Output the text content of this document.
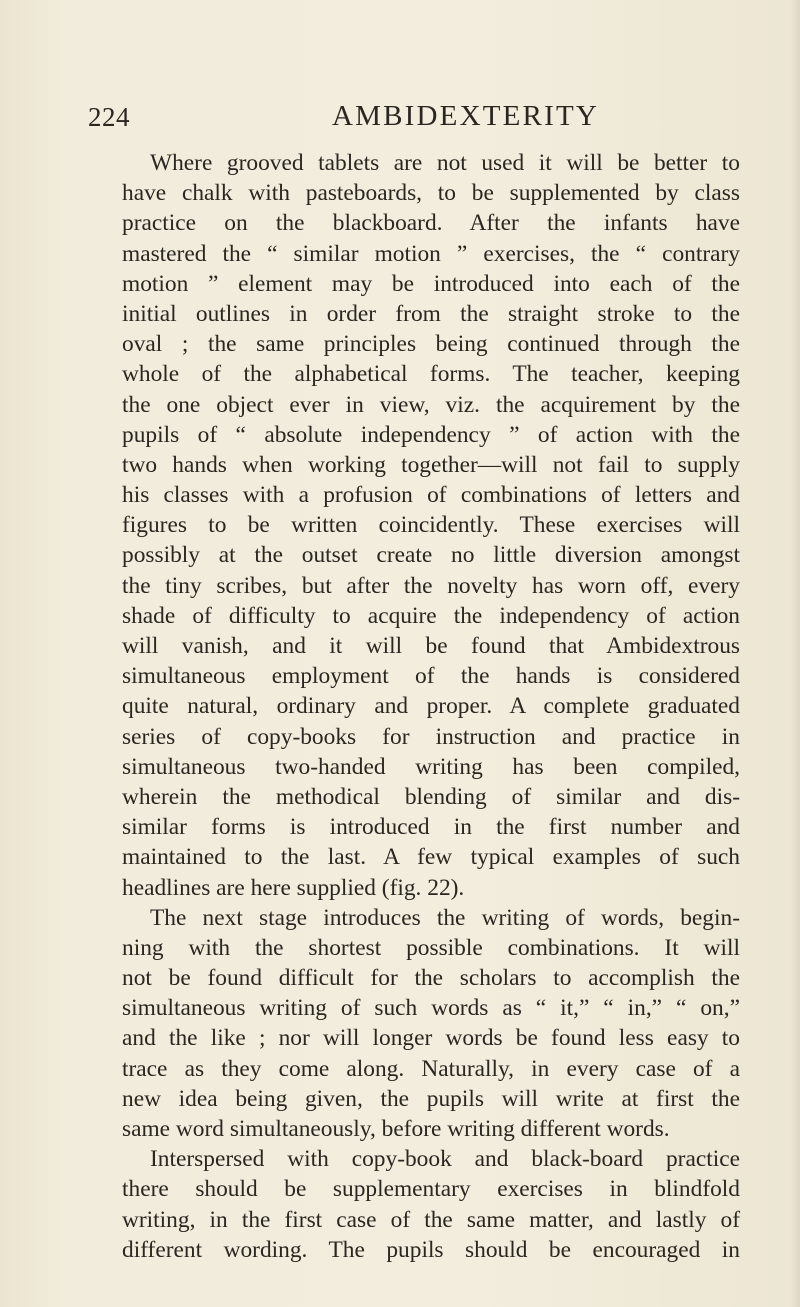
224	AMBIDEXTERITY
Where grooved tablets are not used it will be better to
have chalk with pasteboards, to be supplemented by class
practice on the blackboard. After the infants have
mastered the “ similar motion ” exercises, the “ contrary
motion ” element may be introduced into each of the
initial outlines in order from the straight stroke to the
oval ; the same principles being continued through the
whole of the alphabetical forms. The teacher, keeping
the one object ever in view, viz. the acquirement by the
pupils of “ absolute independency ” of action with the
two hands when working together—will not fail to supply
his classes with a profusion of combinations of letters and
figures to be written coincidently. These exercises will
possibly at the outset create no little diversion amongst
the tiny scribes, but after the novelty has worn off, every
shade of difficulty to acquire the independency of action
will vanish, and it will be found that Ambidextrous
simultaneous employment of the hands is considered
quite natural, ordinary and proper. A complete graduated
series of copy-books for instruction and practice in
simultaneous two-handed writing has been compiled,
wherein the methodical blending of similar and dis-
similar forms is introduced in the first number and
maintained to the last. A few typical examples of such
headlines are here supplied (fig. 22).
The next stage introduces the writing of words, begin-
ning with the shortest possible combinations. It will
not be found difficult for the scholars to accomplish the
simultaneous writing of such words as “ it,” “ in,” “ on,”
and the like ; nor will longer words be found less easy to
trace as they come along. Naturally, in every case of a
new idea being given, the pupils will write at first the
same word simultaneously, before writing different words.
Interspersed with copy-book and black-board practice
there should be supplementary exercises in blindfold
writing, in the first case of the same matter, and lastly of
different wording. The pupils should be encouraged in
